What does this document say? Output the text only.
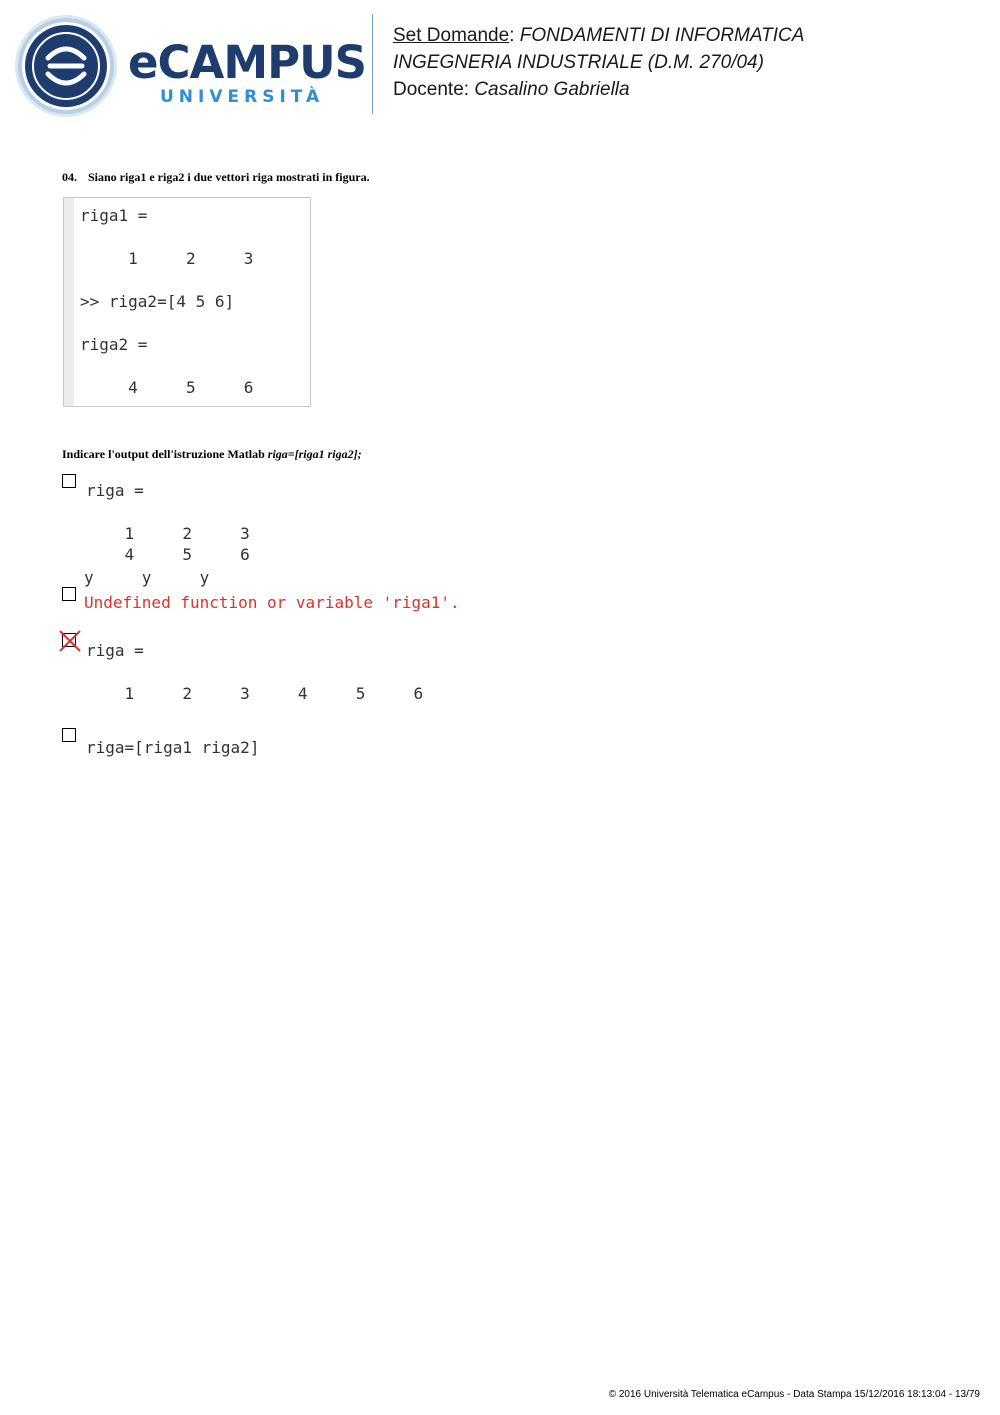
eCAMPUS
UNIVERSITÀ
Set Domande: FONDAMENTI DI INFORMATICA
INGEGNERIA INDUSTRIALE (D.M. 270/04)
Docente: Casalino Gabriella
04. Siano riga1 e riga2 i due vettori riga mostrati in figura.
riga1 =
1     2     3
>> riga2=[4 5 6]
riga2 =
4     5     6
Indicare l'output dell'istruzione Matlab riga=[riga1 riga2];
riga =
1     2     3
4     5     6
y     y     y
Undefined function or variable 'riga1'.
riga =
1     2     3     4     5     6
riga=[riga1 riga2]
© 2016 Università Telematica eCampus - Data Stampa 15/12/2016 18:13:04 - 13/79
